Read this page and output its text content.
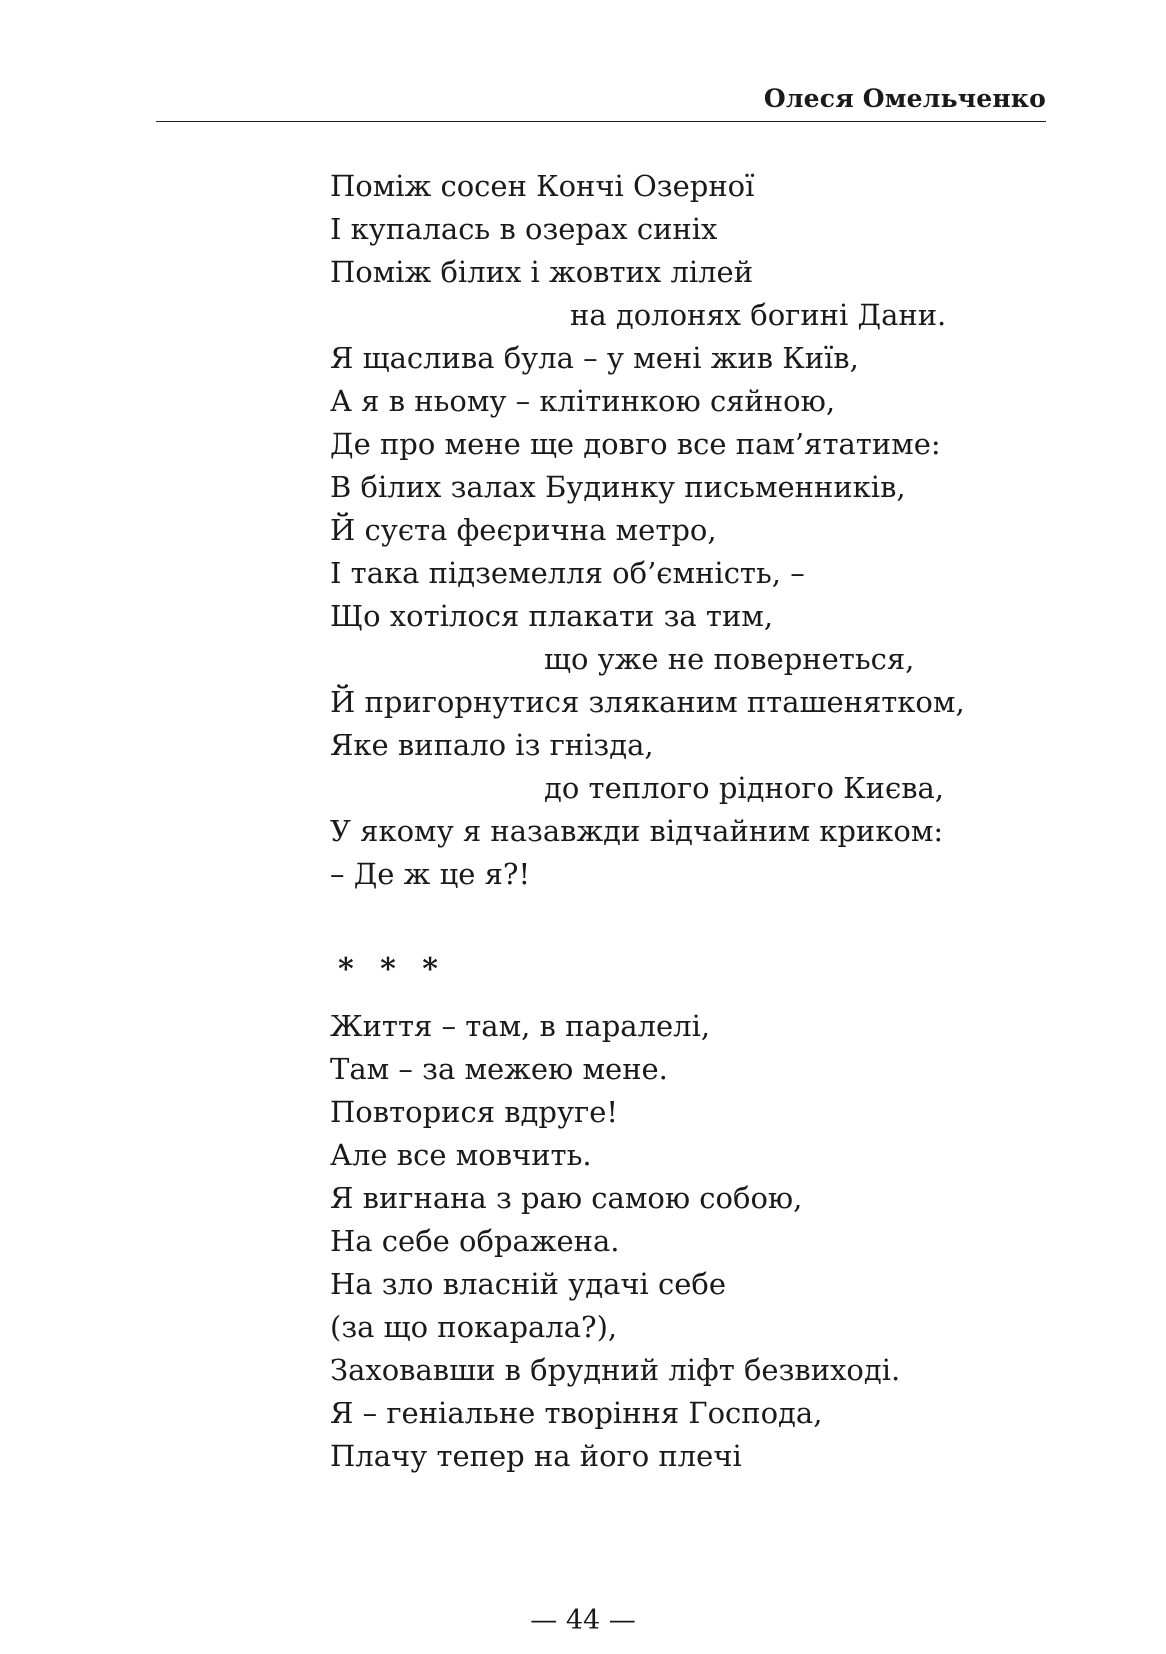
Олеся Омельченко
Поміж сосен Кончі Озерної
І купалась в озерах синіх
Поміж білих і жовтих лілей
на долонях богині Дани.
Я щаслива була – у мені жив Київ,
А я в ньому – клітинкою сяйною,
Де про мене ще довго все пам’ятатиме:
В білих залах Будинку письменників,
Й суєта феєрична метро,
І така підземелля об’ємність, –
Що хотілося плакати за тим,
що уже не повернеться,
Й пригорнутися зляканим пташенятком,
Яке випало із гнізда,
до теплого рідного Києва,
У якому я назавжди відчайним криком:
– Де ж це я?!
* * *
Життя – там, в паралелі,
Там – за межею мене.
Повторися вдруге!
Але все мовчить.
Я вигнана з раю самою собою,
На себе ображена.
На зло власній удачі себе
(за що покарала?),
Заховавши в брудний ліфт безвиході.
Я – геніальне творіння Господа,
Плачу тепер на його плечі
— 44 —
